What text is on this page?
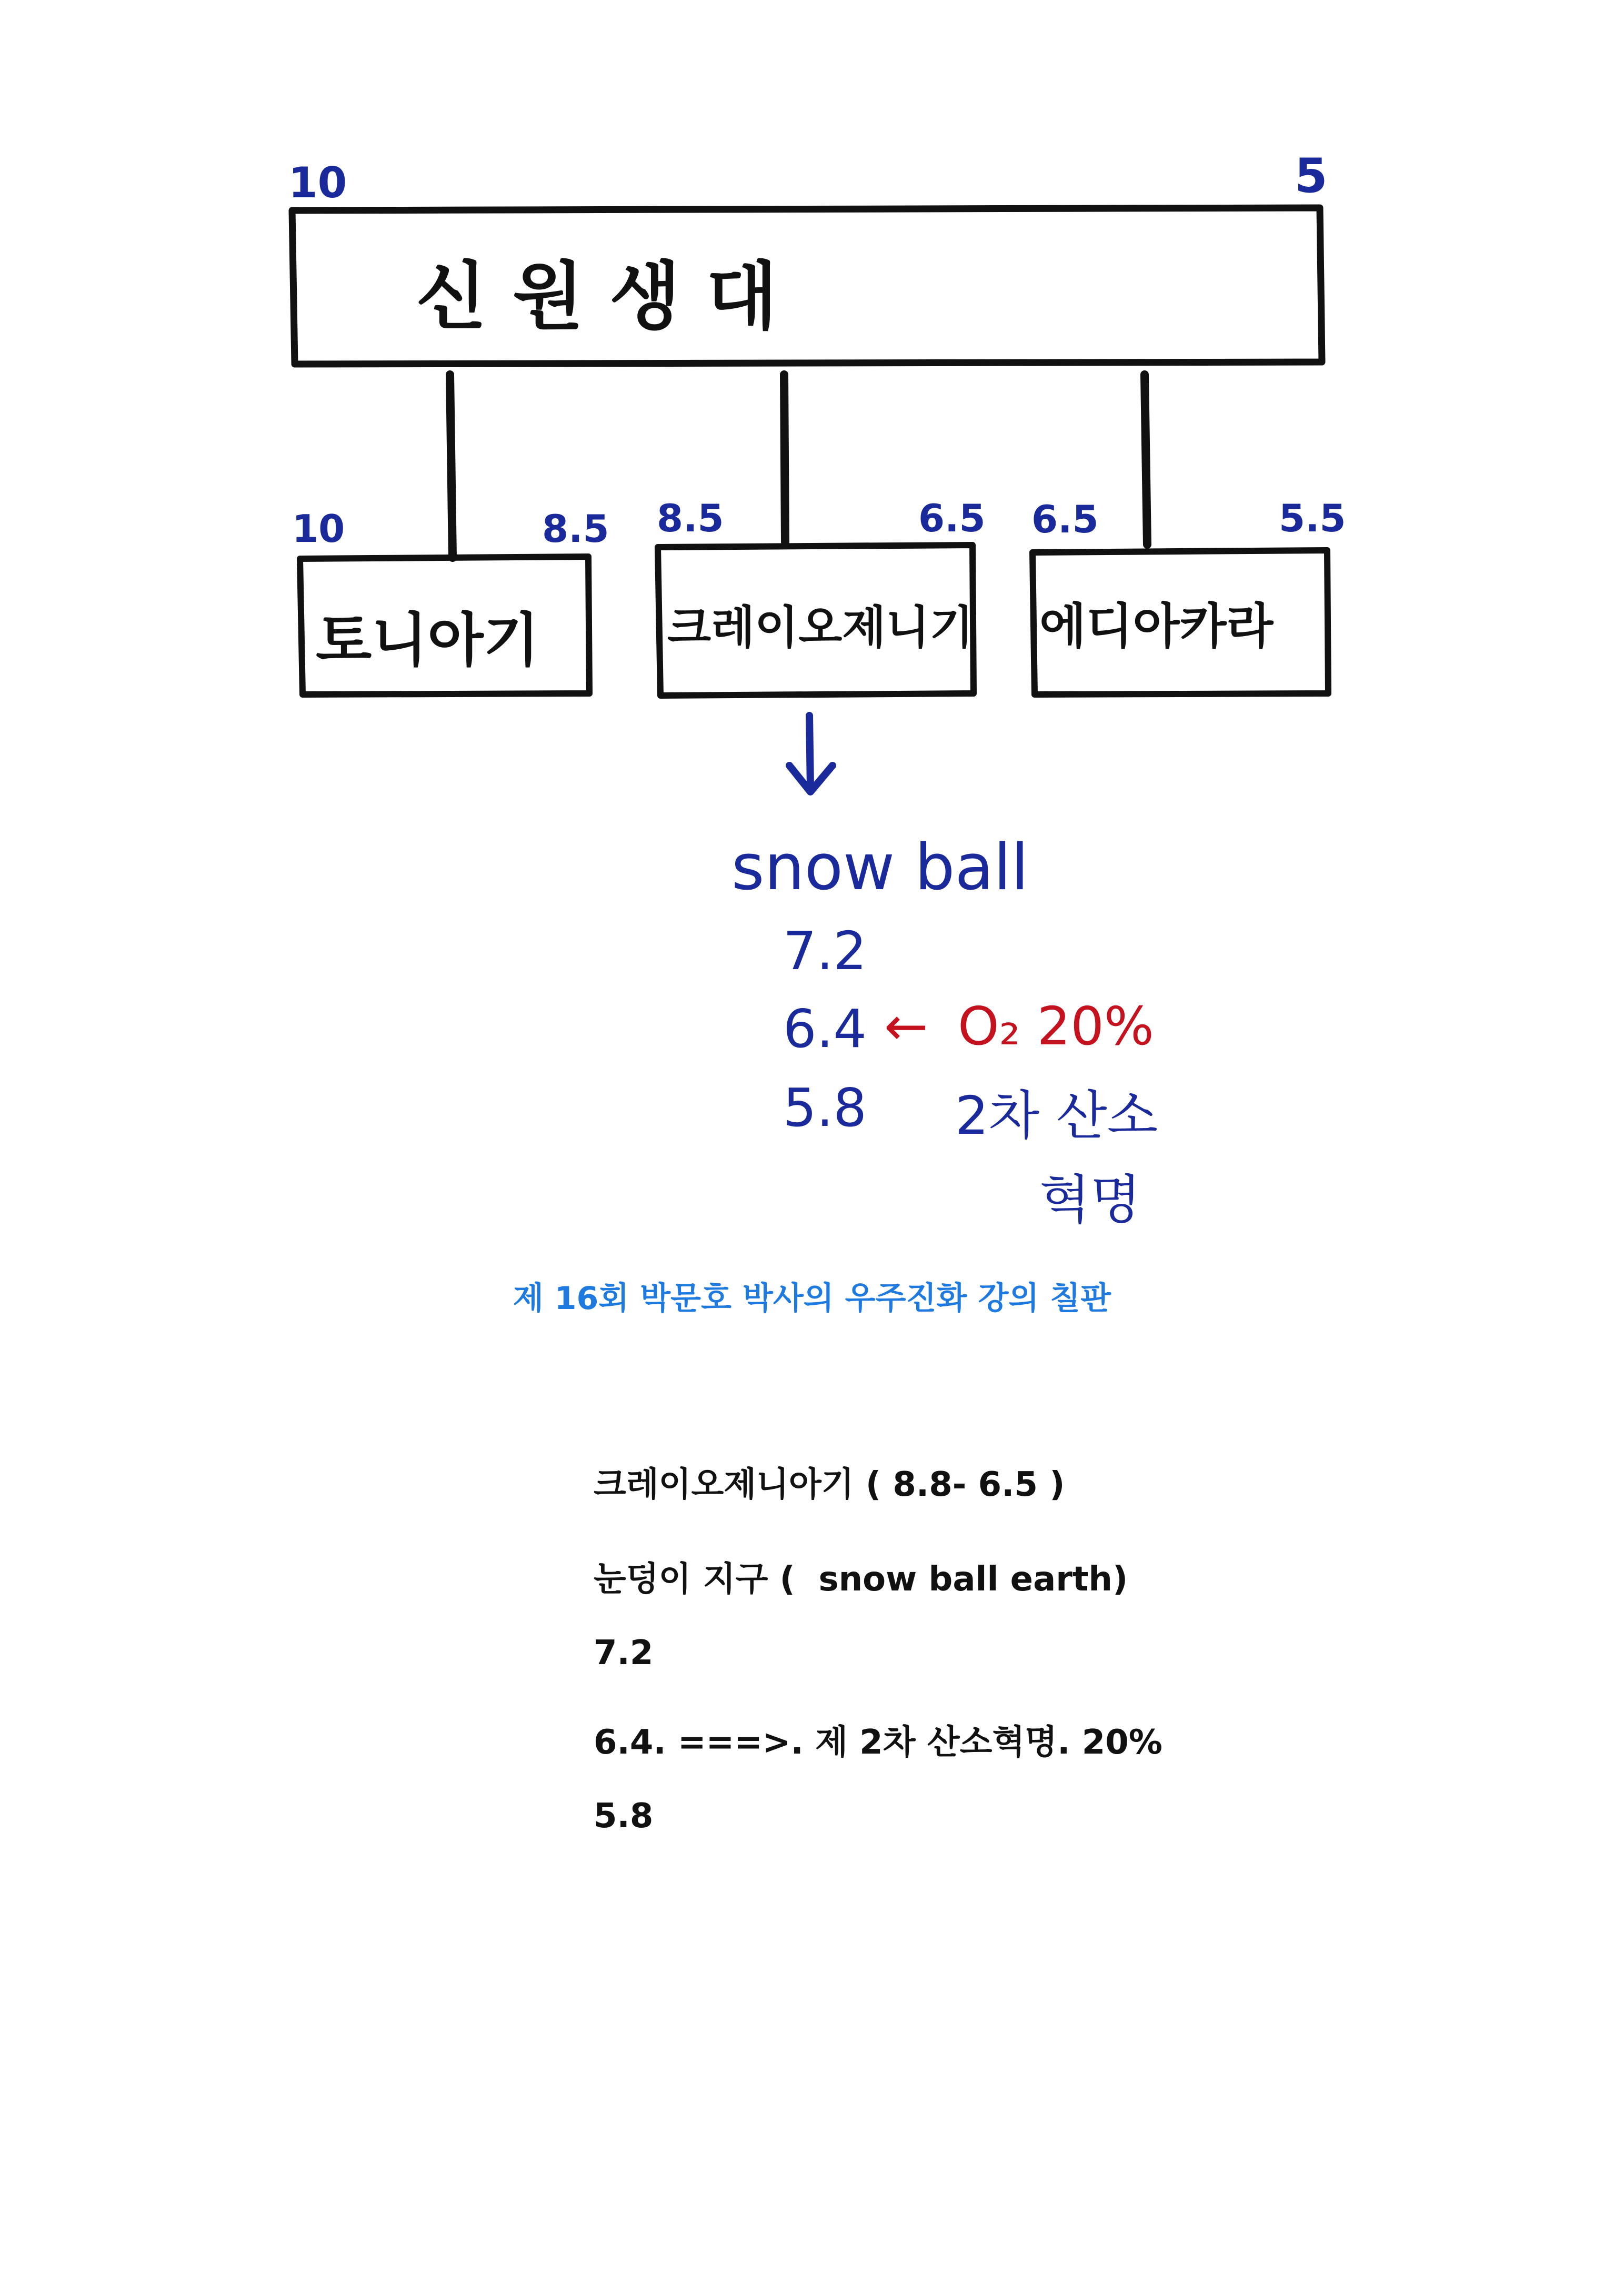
신 원 생 대
10	5
토니아기
10	8.5
크레이오제니기
8.5	6.5
에디아카라
6.5	5.5
snow ball
7.2
6.4
5.8
← O₂ 20%
2차 산소
혁명
제 16회 박문호 박사의 우주진화 강의 칠판
크레이오제니아기 ( 8.8- 6.5 )
눈덩이 지구 (  snow ball earth)
7.2
6.4. ===>. 제 2차 산소혁명. 20%
5.8
